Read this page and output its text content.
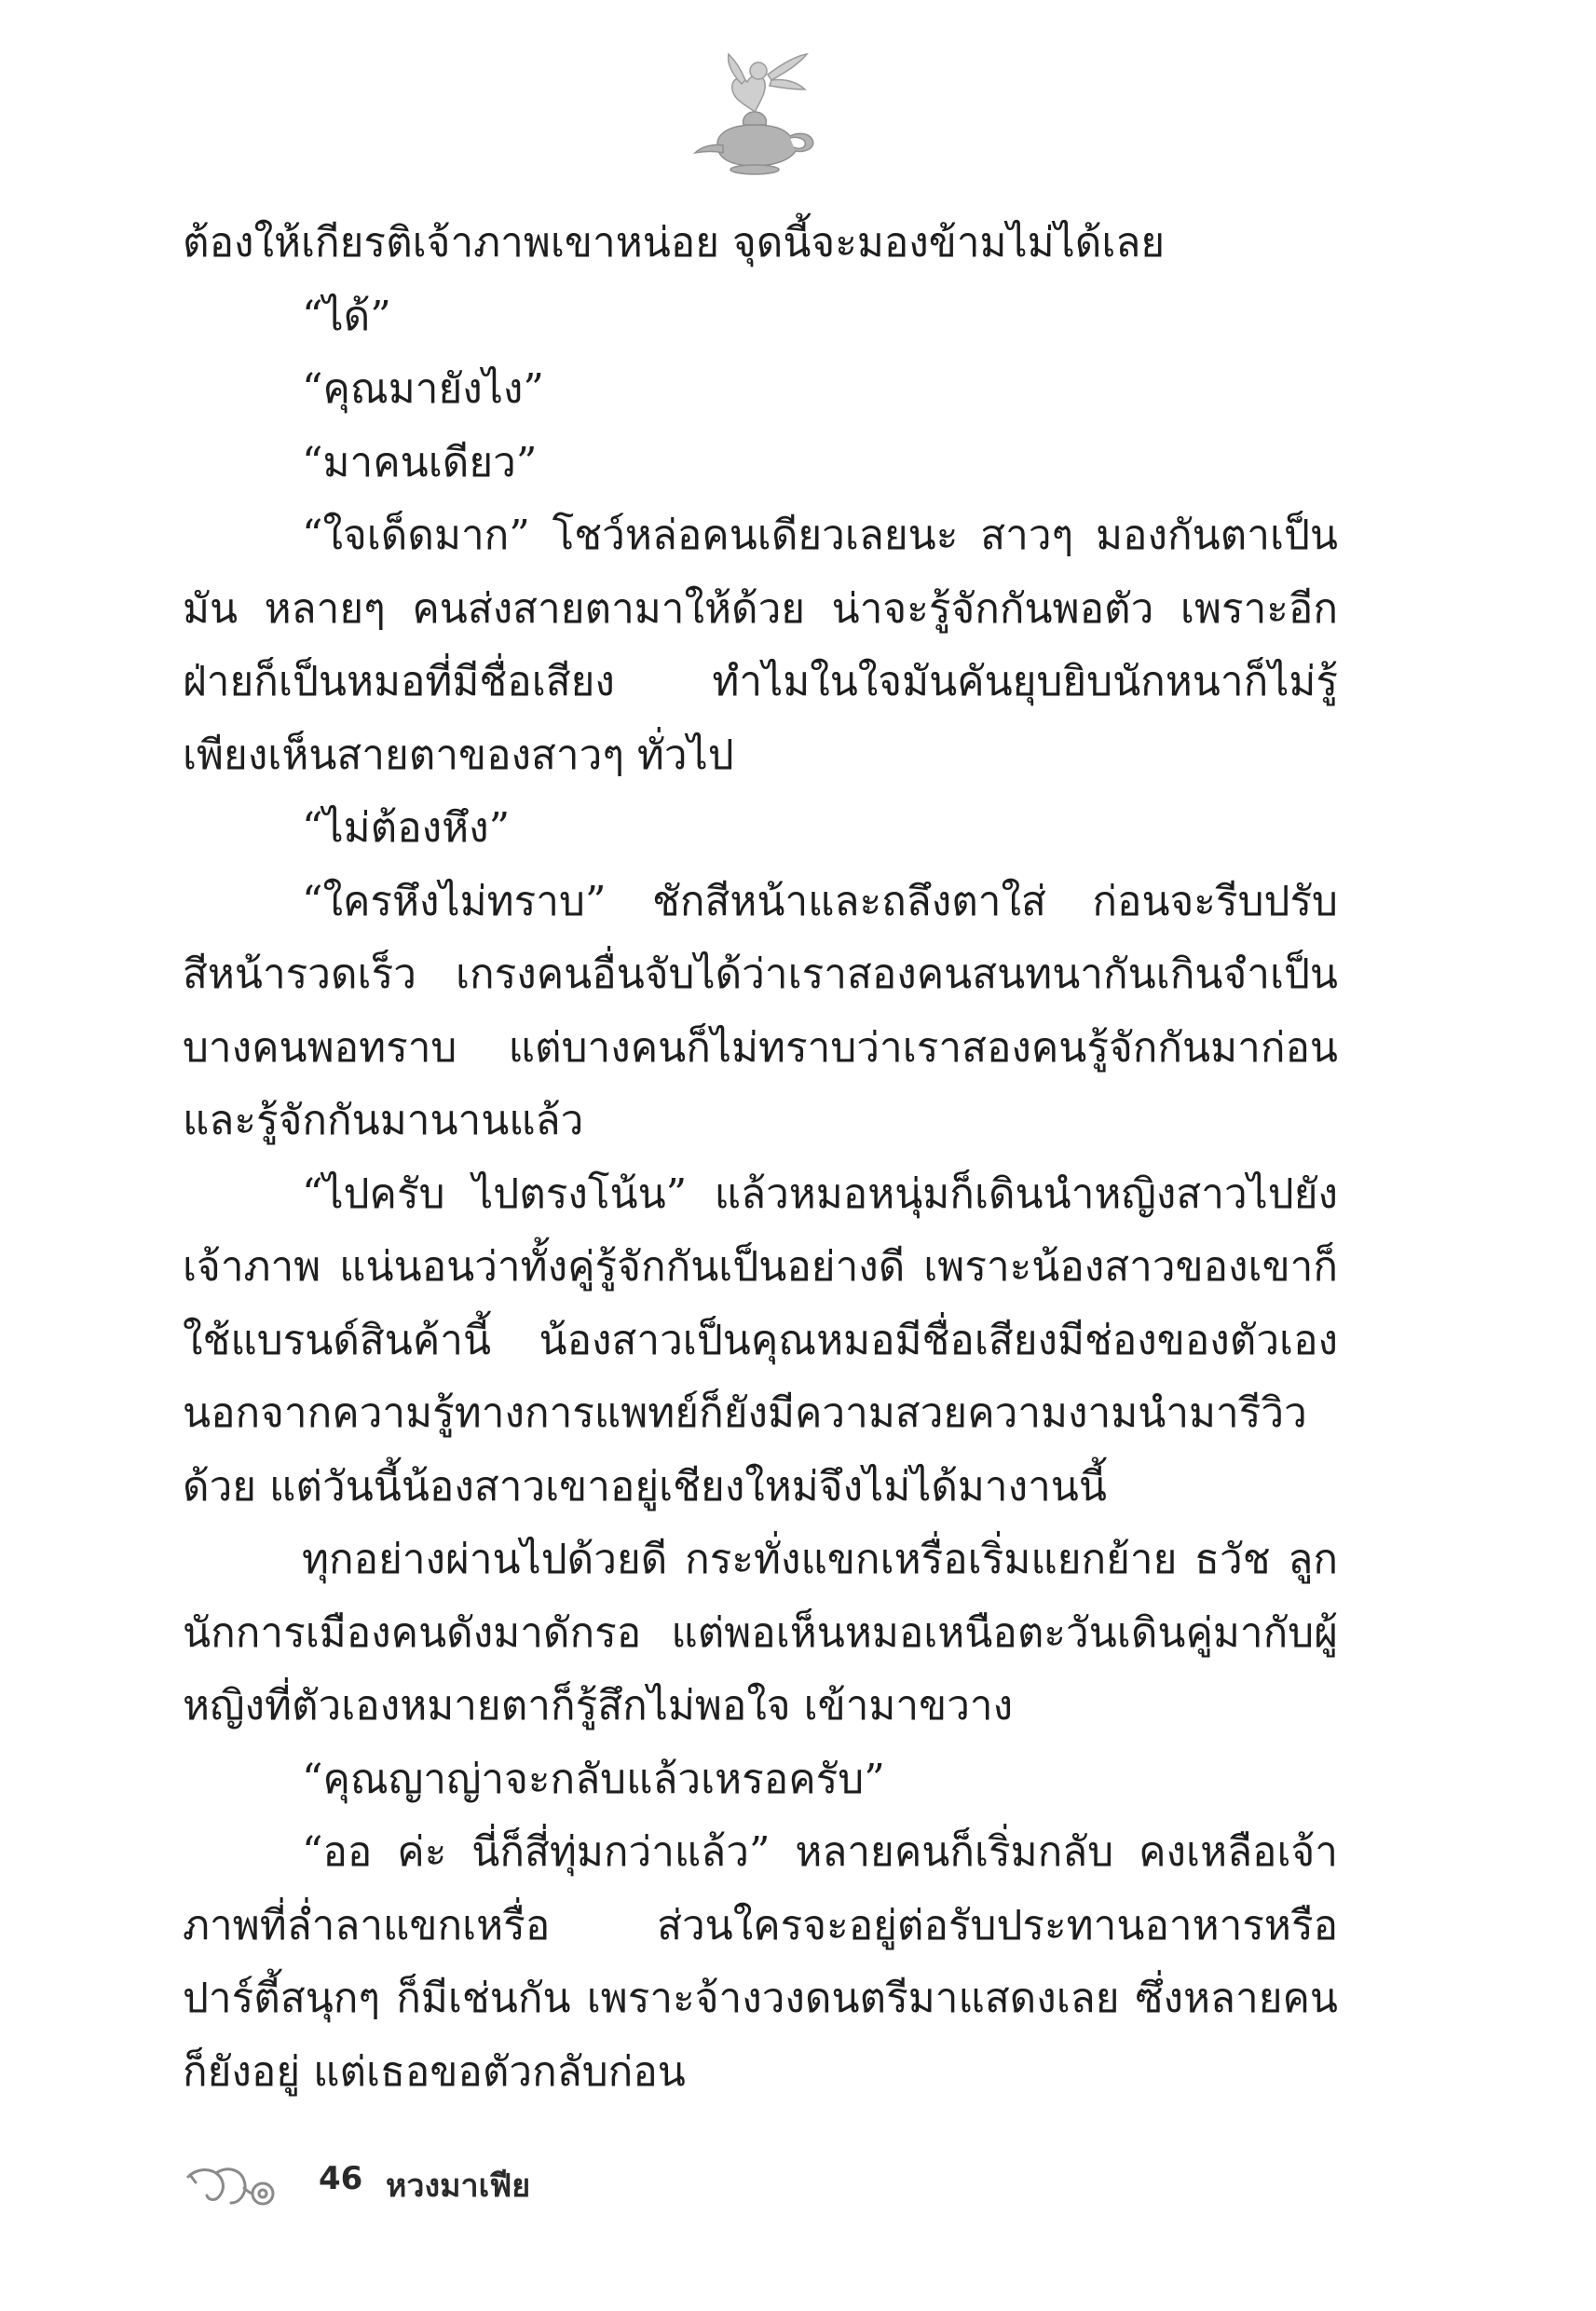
ต้องให้เกียรติเจ้าภาพเขาหน่อย จุดนี้จะมองข้ามไม่ได้เลย

“ได้”

“คุณมายังไง”

“มาคนเดียว”

“ใจเด็ดมาก” โชว์หล่อคนเดียวเลยนะ สาวๆ มองกันตาเป็นมัน หลายๆ คนส่งสายตามาให้ด้วย น่าจะรู้จักกันพอตัว เพราะอีกฝ่ายก็เป็นหมอที่มีชื่อเสียง ทำไมในใจมันคันยุบยิบนักหนาก็ไม่รู้ เพียงเห็นสายตาของสาวๆ ทั่วไป

“ไม่ต้องหึง”

“ใครหึงไม่ทราบ” ชักสีหน้าและถลึงตาใส่ ก่อนจะรีบปรับสีหน้ารวดเร็ว เกรงคนอื่นจับได้ว่าเราสองคนสนทนากันเกินจำเป็น บางคนพอทราบ แต่บางคนก็ไม่ทราบว่าเราสองคนรู้จักกันมาก่อน และรู้จักกันมานานแล้ว

“ไปครับ ไปตรงโน้น” แล้วหมอหนุ่มก็เดินนำหญิงสาวไปยังเจ้าภาพ แน่นอนว่าทั้งคู่รู้จักกันเป็นอย่างดี เพราะน้องสาวของเขาก็ใช้แบรนด์สินค้านี้ น้องสาวเป็นคุณหมอมีชื่อเสียงมีช่องของตัวเอง นอกจากความรู้ทางการแพทย์ก็ยังมีความสวยความงามนำมารีวิวด้วย แต่วันนี้น้องสาวเขาอยู่เชียงใหม่จึงไม่ได้มางานนี้

ทุกอย่างผ่านไปด้วยดี กระทั่งแขกเหรื่อเริ่มแยกย้าย ธวัช ลูกนักการเมืองคนดังมาดักรอ แต่พอเห็นหมอเหนือตะวันเดินคู่มากับผู้หญิงที่ตัวเองหมายตาก็รู้สึกไม่พอใจ เข้ามาขวาง

“คุณญาญ่าจะกลับแล้วเหรอครับ”

“ออ ค่ะ นี่ก็สี่ทุ่มกว่าแล้ว” หลายคนก็เริ่มกลับ คงเหลือเจ้าภาพที่ล่ำลาแขกเหรื่อ ส่วนใครจะอยู่ต่อรับประทานอาหารหรือปาร์ตี้สนุกๆ ก็มีเช่นกัน เพราะจ้างวงดนตรีมาแสดงเลย ซึ่งหลายคนก็ยังอยู่ แต่เธอขอตัวกลับก่อน

46 หวงมาเฟีย
